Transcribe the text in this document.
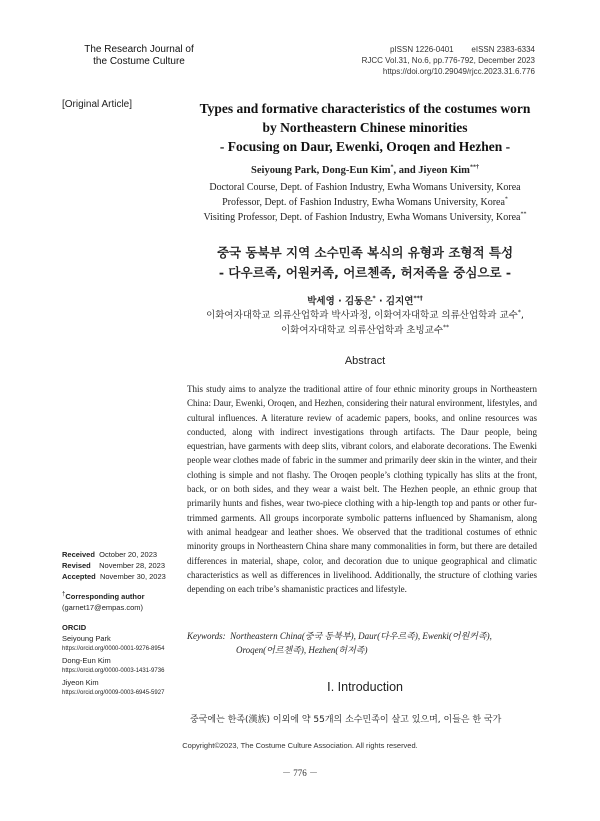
The Research Journal of
the Costume Culture
pISSN 1226-0401 eISSN 2383-6334
RJCC Vol.31, No.6, pp.776-792, December 2023
https://doi.org/10.29049/rjcc.2023.31.6.776
[Original Article]	Types and formative characteristics of the costumes worn
by Northeastern Chinese minorities
- Focusing on Daur, Ewenki, Oroqen and Hezhen -
Seiyoung Park, Dong-Eun Kim*, and Jiyeon Kim**†
Doctoral Course, Dept. of Fashion Industry, Ewha Womans University, Korea
Professor, Dept. of Fashion Industry, Ewha Womans University, Korea*
Visiting Professor, Dept. of Fashion Industry, Ewha Womans University, Korea**
중국 동북부 지역 소수민족 복식의 유형과 조형적 특성
- 다우르족, 어원커족, 어르첸족, 허저족을 중심으로 -
박세영 · 김동은* · 김지연**†
이화여자대학교 의류산업학과 박사과정, 이화여자대학교 의류산업학과 교수*,
이화여자대학교 의류산업학과 초빙교수**
Abstract
This study aims to analyze the traditional attire of four ethnic minority groups in Northeastern China: Daur, Ewenki, Oroqen, and Hezhen, considering their natural environment, lifestyles, and cultural influences. A literature review of academic papers, books, and online resources was conducted, along with indirect investigations through artifacts. The Daur people, being equestrian, have garments with deep slits, vibrant colors, and elaborate decorations. The Ewenki people wear clothes made of fabric in the summer and primarily deer skin in the winter, and their clothing is simple and not flashy. The Oroqen people’s clothing typically has slits at the front, back, or on both sides, and they wear a waist belt. The Hezhen people, an ethnic group that primarily hunts and fishes, wear two-piece clothing with a hip-length top and pants or other fur-trimmed garments. All groups incorporate symbolic patterns influenced by Shamanism, along with animal headgear and leather shoes. We observed that the traditional costumes of ethnic minority groups in Northeastern China share many commonalities in form, but there are detailed differences in material, shape, color, and decoration due to unique geographical and climatic characteristics as well as differences in livelihood. Additionally, the structure of clothing varies depending on each tribe’s shamanistic practices and lifestyle.
Keywords: Northeastern China(중국 동북부), Daur(다우르족), Ewenki(어원커족),
Oroqen(어르첸족), Hezhen(허저족)
Ⅰ. Introduction
중국에는 한족(漢族) 이외에 약 55개의 소수민족이 살고 있으며, 이들은 한 국가
Received October 20, 2023
Revised November 28, 2023
Accepted November 30, 2023
†Corresponding author
(garnet17@empas.com)
ORCID
Seiyoung Park
https://orcid.org/0000-0001-9276-8954
Dong-Eun Kim
https://orcid.org/0000-0003-1431-9736
Jiyeon Kim
https://orcid.org/0009-0003-6945-5927
Copyright©2023, The Costume Culture Association. All rights reserved.
－ 776 －
